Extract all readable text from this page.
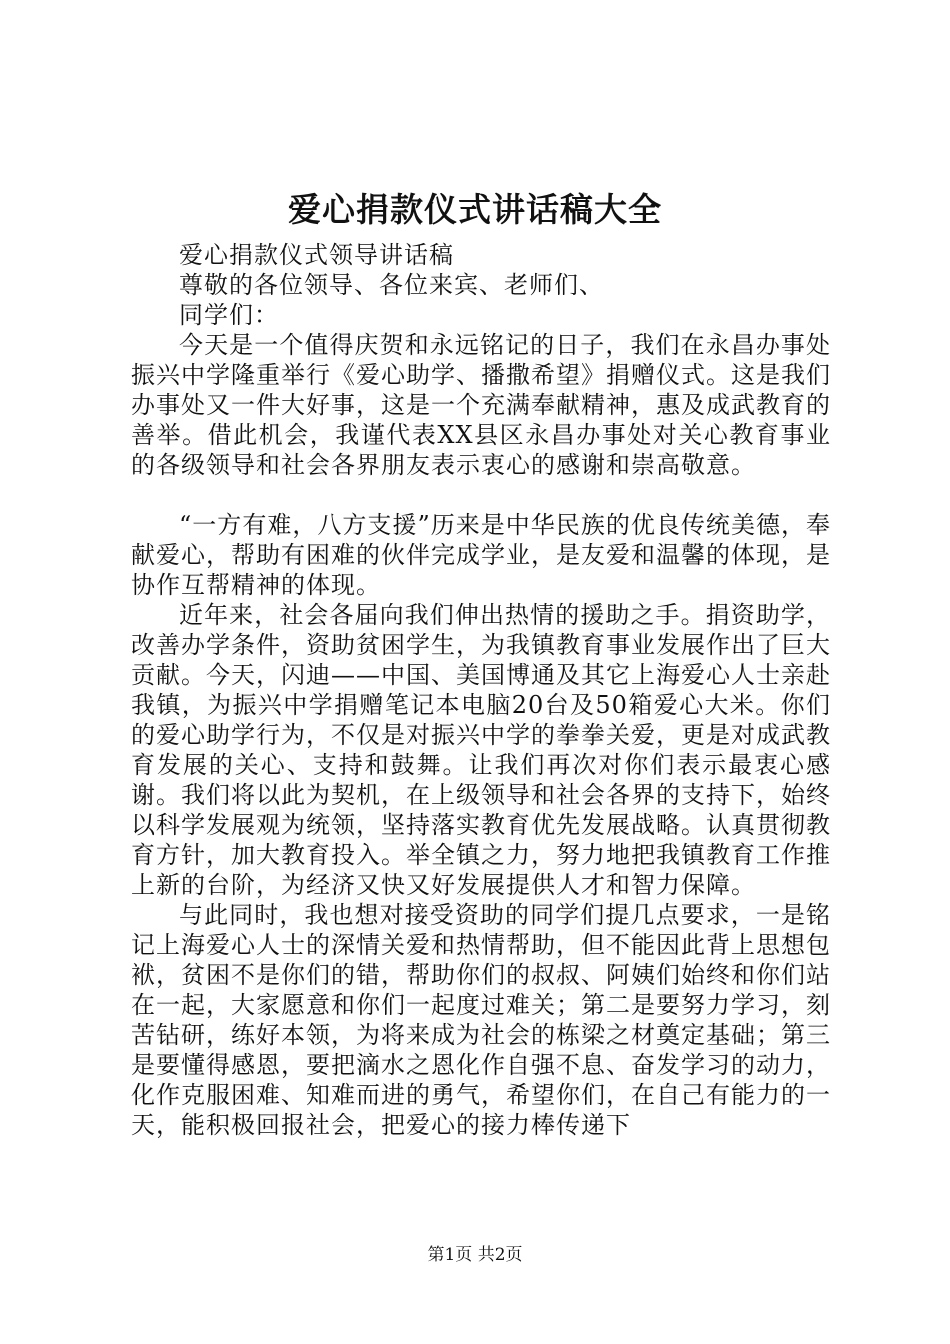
爱心捐款仪式讲话稿大全

爱心捐款仪式领导讲话稿

尊敬的各位领导、各位来宾、老师们、

同学们：

今天是一个值得庆贺和永远铭记的日子，我们在永昌办事处振兴中学隆重举行《爱心助学、播撒希望》捐赠仪式。这是我们办事处又一件大好事，这是一个充满奉献精神，惠及成武教育的善举。借此机会，我谨代表XX县区永昌办事处对关心教育事业的各级领导和社会各界朋友表示衷心的感谢和崇高敬意。

“一方有难，八方支援”历来是中华民族的优良传统美德，奉献爱心，帮助有困难的伙伴完成学业，是友爱和温馨的体现，是协作互帮精神的体现。

近年来，社会各届向我们伸出热情的援助之手。捐资助学，改善办学条件，资助贫困学生，为我镇教育事业发展作出了巨大贡献。今天，闪迪——中国、美国博通及其它上海爱心人士亲赴我镇，为振兴中学捐赠笔记本电脑20台及50箱爱心大米。你们的爱心助学行为，不仅是对振兴中学的拳拳关爱，更是对成武教育发展的关心、支持和鼓舞。让我们再次对你们表示最衷心感谢。我们将以此为契机，在上级领导和社会各界的支持下，始终以科学发展观为统领，坚持落实教育优先发展战略。认真贯彻教育方针，加大教育投入。举全镇之力，努力地把我镇教育工作推上新的台阶，为经济又快又好发展提供人才和智力保障。

与此同时，我也想对接受资助的同学们提几点要求，一是铭记上海爱心人士的深情关爱和热情帮助，但不能因此背上思想包袱，贫困不是你们的错，帮助你们的叔叔、阿姨们始终和你们站在一起，大家愿意和你们一起度过难关；第二是要努力学习，刻苦钻研，练好本领，为将来成为社会的栋梁之材奠定基础；第三是要懂得感恩，要把滴水之恩化作自强不息、奋发学习的动力，化作克服困难、知难而进的勇气，希望你们，在自己有能力的一天，能积极回报社会，把爱心的接力棒传递下

第1页 共2页
